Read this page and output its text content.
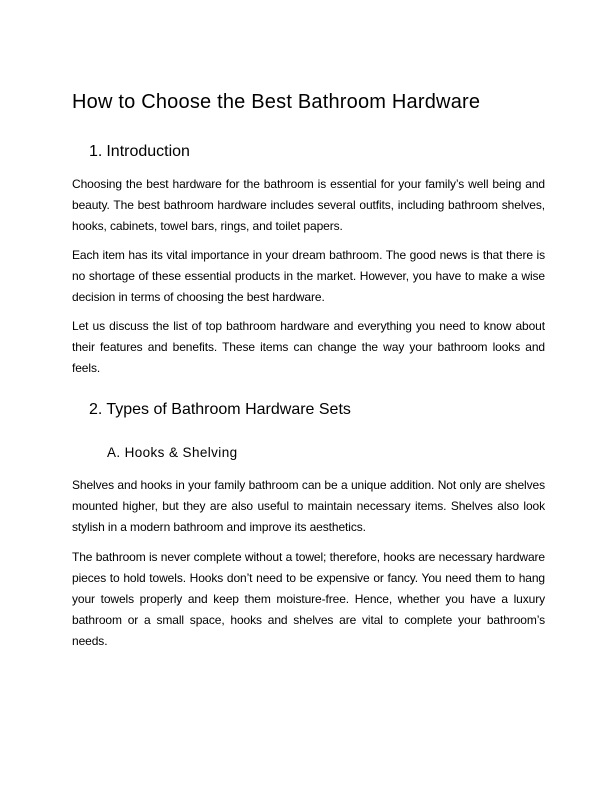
How to Choose the Best Bathroom Hardware
1. Introduction

Choosing the best hardware for the bathroom is essential for your family’s well being and beauty. The best bathroom hardware includes several outfits, including bathroom shelves, hooks, cabinets, towel bars, rings, and toilet papers.

Each item has its vital importance in your dream bathroom. The good news is that there is no shortage of these essential products in the market. However, you have to make a wise decision in terms of choosing the best hardware.

Let us discuss the list of top bathroom hardware and everything you need to know about their features and benefits. These items can change the way your bathroom looks and feels.

2. Types of Bathroom Hardware Sets
A. Hooks & Shelving

Shelves and hooks in your family bathroom can be a unique addition. Not only are shelves mounted higher, but they are also useful to maintain necessary items. Shelves also look stylish in a modern bathroom and improve its aesthetics.

The bathroom is never complete without a towel; therefore, hooks are necessary hardware pieces to hold towels. Hooks don’t need to be expensive or fancy. You need them to hang your towels properly and keep them moisture-free. Hence, whether you have a luxury bathroom or a small space, hooks and shelves are vital to complete your bathroom’s needs.
